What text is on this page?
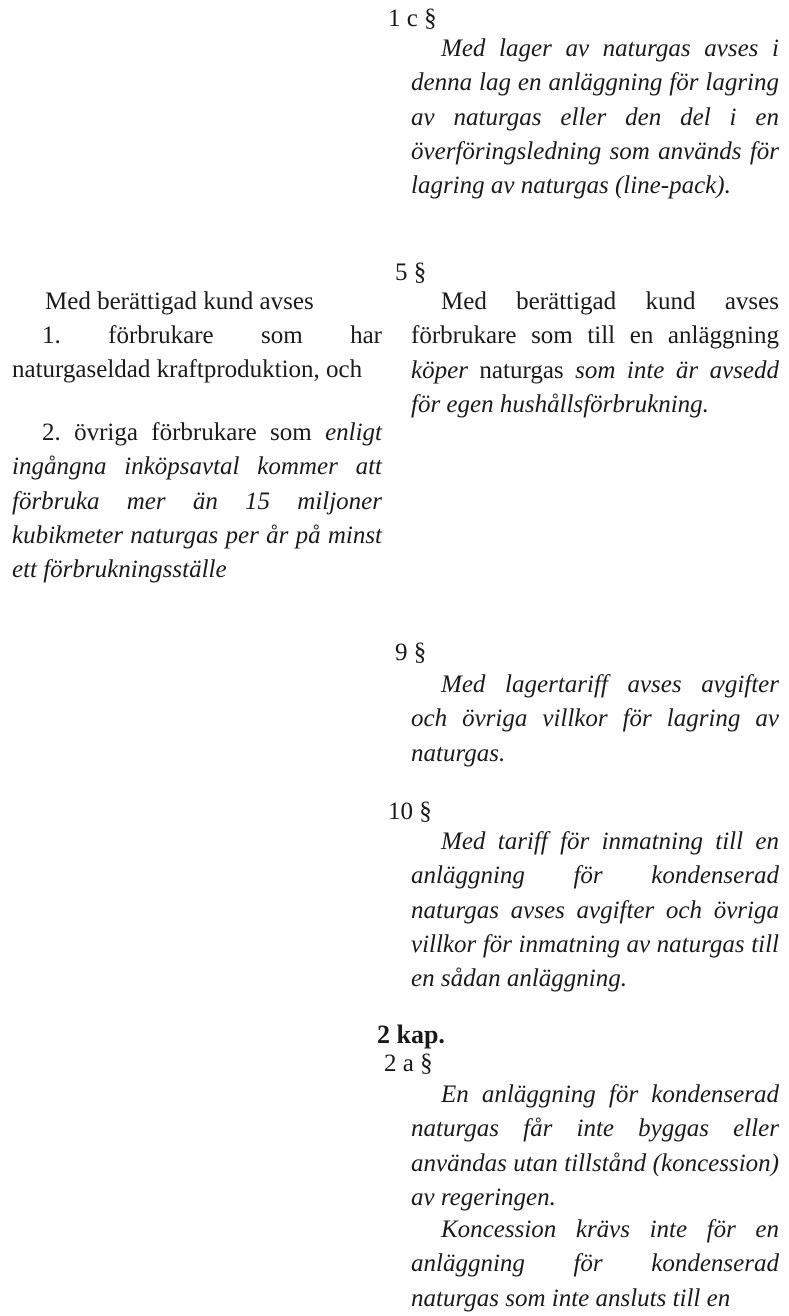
1 c §

Med lager av naturgas avses i denna lag en anläggning för lagring av naturgas eller den del i en överföringsledning som används för lagring av naturgas (line-pack).

5 §

Med berättigad kund avses förbrukare som till en anläggning köper naturgas som inte är avsedd för egen hushållsförbrukning.

Med berättigad kund avses

1. förbrukare som har naturgaseldad kraftproduktion, och

2. övriga förbrukare som enligt ingångna inköpsavtal kommer att förbruka mer än 15 miljoner kubikmeter naturgas per år på minst ett förbrukningsställe

9 §

Med lagertariff avses avgifter och övriga villkor för lagring av naturgas.

10 §

Med tariff för inmatning till en anläggning för kondenserad naturgas avses avgifter och övriga villkor för inmatning av naturgas till en sådan anläggning.

2 kap.
2 a §

En anläggning för kondenserad naturgas får inte byggas eller användas utan tillstånd (koncession) av regeringen.

Koncession krävs inte för en anläggning för kondenserad naturgas som inte ansluts till en
